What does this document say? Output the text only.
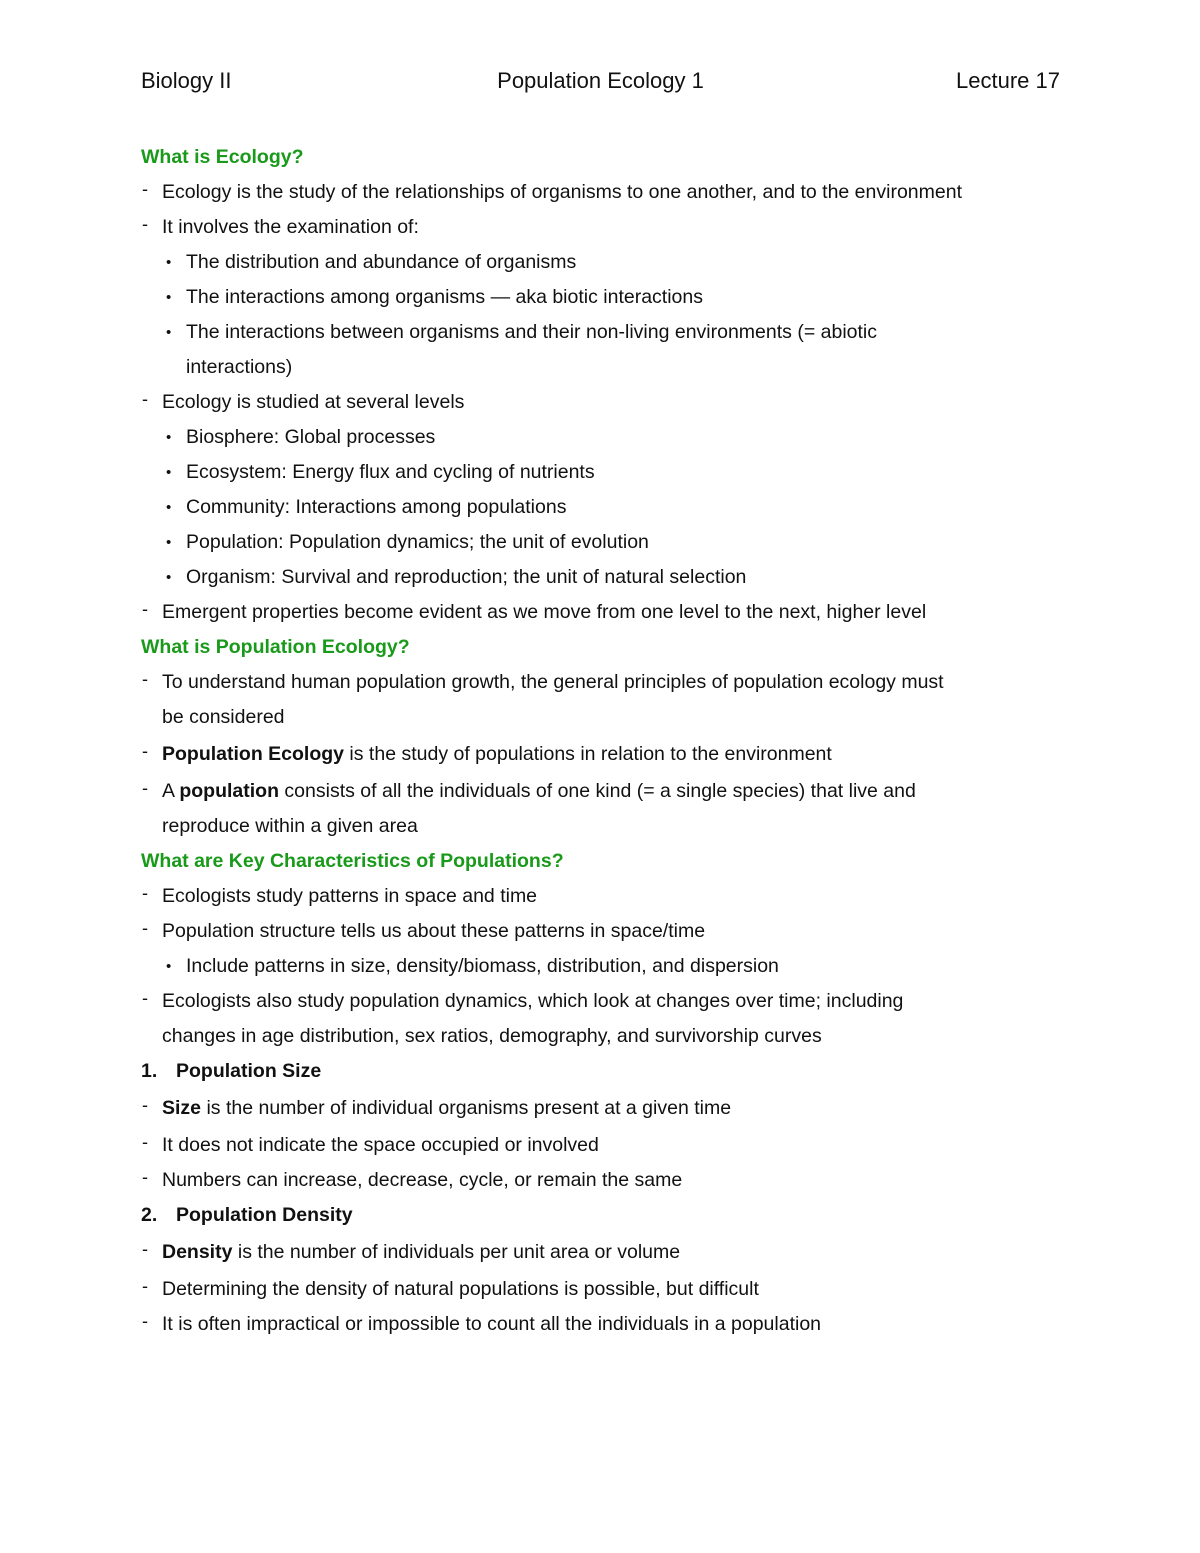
Biology II	Population Ecology 1	Lecture 17
What is Ecology?
- Ecology is the study of the relationships of organisms to one another, and to the environment
- It involves the examination of:
• The distribution and abundance of organisms
• The interactions among organisms — aka biotic interactions
• The interactions between organisms and their non-living environments (= abiotic
interactions)
- Ecology is studied at several levels
• Biosphere: Global processes
• Ecosystem: Energy flux and cycling of nutrients
• Community: Interactions among populations
• Population: Population dynamics; the unit of evolution
• Organism: Survival and reproduction; the unit of natural selection
- Emergent properties become evident as we move from one level to the next, higher level
What is Population Ecology?
- To understand human population growth, the general principles of population ecology must
be considered
- Population Ecology is the study of populations in relation to the environment
- A population consists of all the individuals of one kind (= a single species) that live and
reproduce within a given area
What are Key Characteristics of Populations?
- Ecologists study patterns in space and time
- Population structure tells us about these patterns in space/time
• Include patterns in size, density/biomass, distribution, and dispersion
- Ecologists also study population dynamics, which look at changes over time; including
changes in age distribution, sex ratios, demography, and survivorship curves
1. Population Size
- Size is the number of individual organisms present at a given time
- It does not indicate the space occupied or involved
- Numbers can increase, decrease, cycle, or remain the same
2. Population Density
- Density is the number of individuals per unit area or volume
- Determining the density of natural populations is possible, but difficult
- It is often impractical or impossible to count all the individuals in a population
